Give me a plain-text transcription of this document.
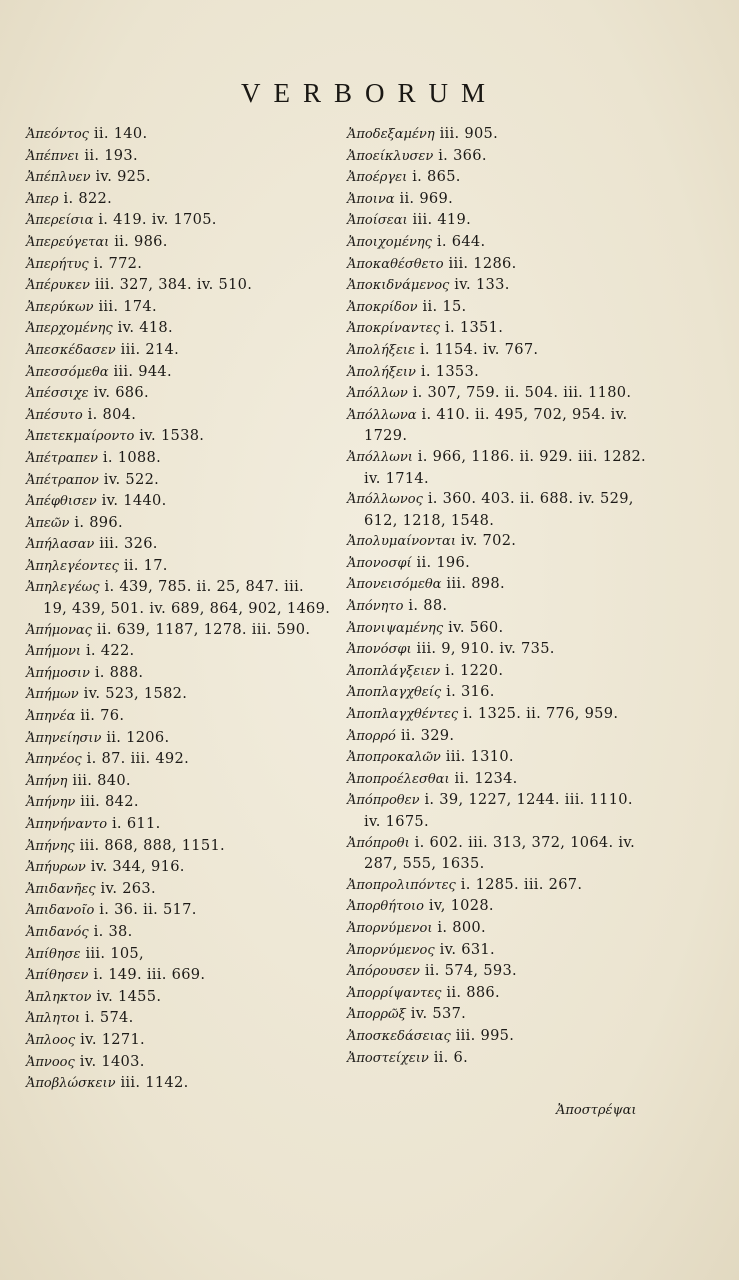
VERBORUM
Ἀπεόντος ii. 140.
Ἀπέπνει ii. 193.
Ἀπέπλυεν iv. 925.
Ἀπερ i. 822.
Ἀπερείσια i. 419. iv. 1705.
Ἀπερεύγεται ii. 986.
Ἀπερήτυς i. 772.
Ἀπέρυκεν iii. 327, 384. iv. 510.
Ἀπερύκων iii. 174.
Ἀπερχομένης iv. 418.
Ἀπεσκέδασεν iii. 214.
Ἀπεσσόμεθα iii. 944.
Ἀπέσσιχε iv. 686.
Ἀπέσυτο i. 804.
Ἀπετεκμαίροντο iv. 1538.
Ἀπέτραπεν i. 1088.
Ἀπέτραπον iv. 522.
Ἀπέφθισεν iv. 1440.
Ἀπεῶν i. 896.
Ἀπήλασαν iii. 326.
Ἀπηλεγέοντες ii. 17.
Ἀπηλεγέως i. 439, 785. ii. 25, 847. iii. 19, 439, 501. iv. 689, 864, 902, 1469.
Ἀπήμονας ii. 639, 1187, 1278. iii. 590.
Ἀπήμονι i. 422.
Ἀπήμοσιν i. 888.
Ἀπήμων iv. 523, 1582.
Ἀπηνέα ii. 76.
Ἀπηνείησιν ii. 1206.
Ἀπηνέος i. 87. iii. 492.
Ἀπήνη iii. 840.
Ἀπήνην iii. 842.
Ἀπηνήναντο i. 611.
Ἀπήνης iii. 868, 888, 1151.
Ἀπήυρων iv. 344, 916.
Ἀπιδανῆες iv. 263.
Ἀπιδανοῖο i. 36. ii. 517.
Ἀπιδανός i. 38.
Ἀπίθησε iii. 105,
Ἀπίθησεν i. 149. iii. 669.
Ἀπληκτον iv. 1455.
Ἀπλητοι i. 574.
Ἀπλοος iv. 1271.
Ἀπνοος iv. 1403.
Ἀποβλώσκειν iii. 1142.
Ἀποδεξαμένη iii. 905.
Ἀποείκλυσεν i. 366.
Ἀποέργει i. 865.
Ἀποινα ii. 969.
Ἀποίσεαι iii. 419.
Ἀποιχομένης i. 644.
Ἀποκαθέσθετο iii. 1286.
Ἀποκιδνάμενος iv. 133.
Ἀποκρίδον ii. 15.
Ἀποκρίναντες i. 1351.
Ἀπολήξειε i. 1154. iv. 767.
Ἀπολήξειν i. 1353.
Ἀπόλλων i. 307, 759. ii. 504. iii. 1180.
Ἀπόλλωνα i. 410. ii. 495, 702, 954. iv. 1729.
Ἀπόλλωνι i. 966, 1186. ii. 929. iii. 1282. iv. 1714.
Ἀπόλλωνος i. 360. 403. ii. 688. iv. 529, 612, 1218, 1548.
Ἀπολυμαίνονται iv. 702.
Ἀπονοσφί ii. 196.
Ἀπονεισόμεθα iii. 898.
Ἀπόνητο i. 88.
Ἀπονιψαμένης iv. 560.
Ἀπονόσφι iii. 9, 910. iv. 735.
Ἀποπλάγξειεν i. 1220.
Ἀποπλαγχθείς i. 316.
Ἀποπλαγχθέντες i. 1325. ii. 776, 959.
Ἀπορρό ii. 329.
Ἀποπροκαλῶν iii. 1310.
Ἀποπροέλεσθαι ii. 1234.
Ἀπόπροθεν i. 39, 1227, 1244. iii. 1110. iv. 1675.
Ἀπόπροθι i. 602. iii. 313, 372, 1064. iv. 287, 555, 1635.
Ἀποπρολιπόντες i. 1285. iii. 267.
Ἀπορθήτοιο iv, 1028.
Ἀπορνύμενοι i. 800.
Ἀπορνύμενος iv. 631.
Ἀπόρουσεν ii. 574, 593.
Ἀπορρίψαντες ii. 886.
Ἀπορρῶξ iv. 537.
Ἀποσκεδάσειας iii. 995.
Ἀποστείχειν ii. 6.
Ἀποστρέψαι
